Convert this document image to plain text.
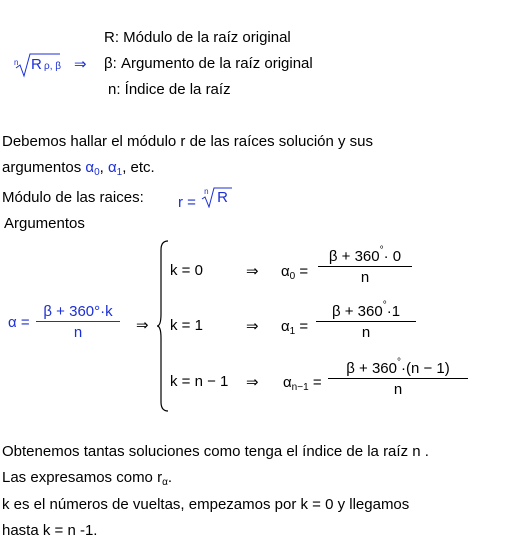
n R ρ, β ⇒
R: Módulo de la raíz original
β: Argumento de la raíz original
n: Índice de la raíz
Debemos hallar el módulo r de las raíces solución y sus
argumentos $\alpha_0$, $\alpha_1$, etc.
Módulo de las raices: r =
n R
Argumentos
α =
β + 360°·k
n	⇒
k = 0	⇒ $\alpha_0$ =
β + 360°· 0
n
k = 1	⇒ $\alpha_1$ =
β + 360°·1
n
k = n − 1 ⇒ $\alpha_{n-1}$ =
β + 360°·(n − 1)
n
Obtenemos tantas soluciones como tenga el índice de la raíz n .
Las expresamos como $r_\alpha$.
k es el números de vueltas, empezamos por k = 0 y llegamos
hasta k = n -1.
